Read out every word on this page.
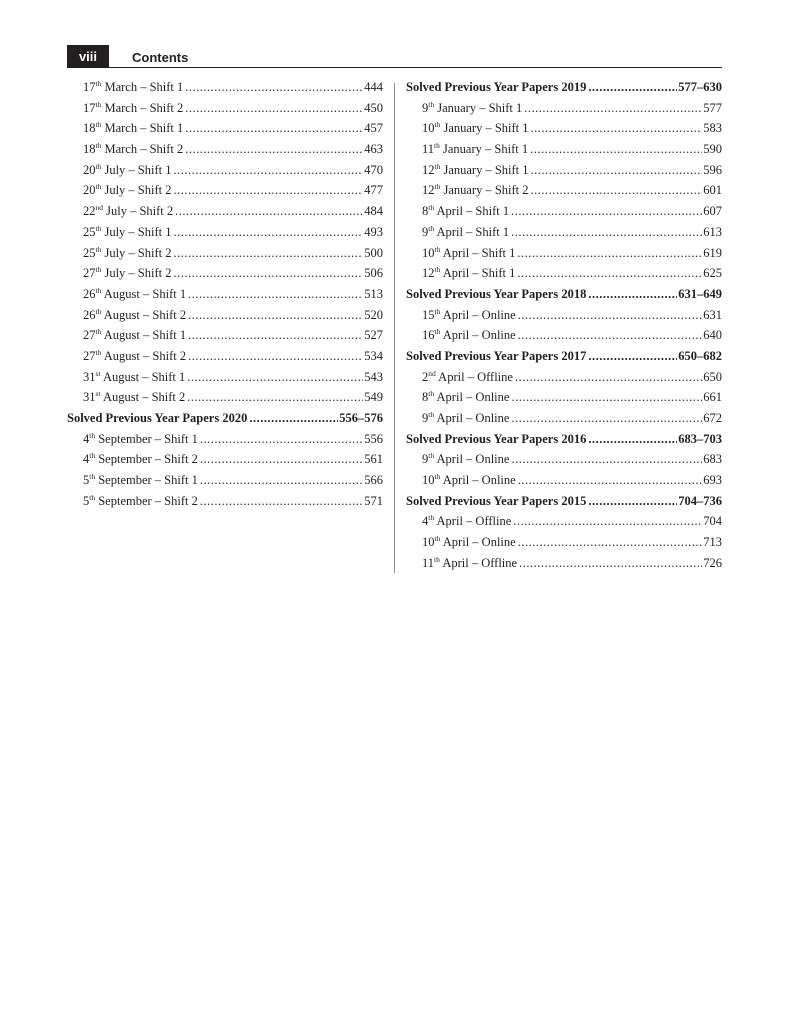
viii	Contents
17th March – Shift 1 .....	444
17th March – Shift 2 .....	450
18th March – Shift 1 .....	457
18th March – Shift 2 .....	463
20th July – Shift 1 .....	470
20th July – Shift 2 .....	477
22nd July – Shift 2 .....	484
25th July – Shift 1 .....	493
25th July – Shift 2 .....	500
27th July – Shift 2 .....	506
26th August – Shift 1 .....	513
26th August – Shift 2 .....	520
27th August – Shift 1 .....	527
27th August – Shift 2 .....	534
31st August – Shift 1 .....	543
31st August – Shift 2 .....	549
Solved Previous Year Papers 2020 .....	556–576
4th September – Shift 1 .....	556
4th September – Shift 2 .....	561
5th September – Shift 1 .....	566
5th September – Shift 2 .....	571
Solved Previous Year Papers 2019 .....	577–630
9th January – Shift 1 .....	577
10th January – Shift 1 .....	583
11th January – Shift 1 .....	590
12th January – Shift 1 .....	596
12th January – Shift 2 .....	601
8th April – Shift 1 .....	607
9th April – Shift 1 .....	613
10th April – Shift 1 .....	619
12th April – Shift 1 .....	625
Solved Previous Year Papers 2018 .....	631–649
15th April – Online .....	631
16th April – Online .....	640
Solved Previous Year Papers 2017 .....	650–682
2nd April – Offline .....	650
8th April – Online .....	661
9th April – Online .....	672
Solved Previous Year Papers 2016 .....	683–703
9th April – Online .....	683
10th April – Online .....	693
Solved Previous Year Papers 2015 .....	704–736
4th April – Offline .....	704
10th April – Online .....	713
11th April – Offline .....	726
